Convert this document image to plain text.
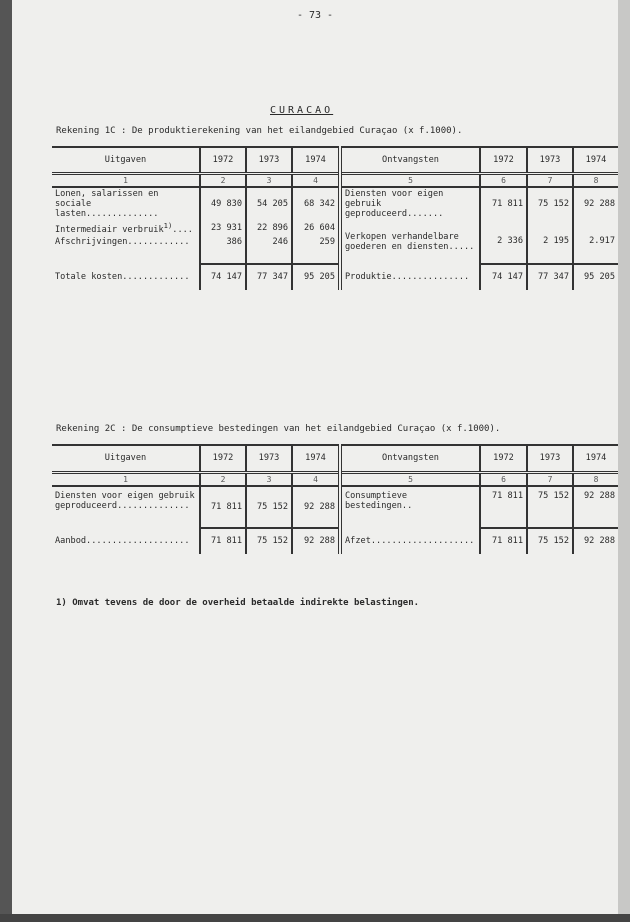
- 73 -
CURACAO
Rekening 1C : De produktierekening van het eilandgebied Curaçao (x f.1000).
Uitgaven	1972	1973	1974	Ontvangsten	1972	1973	1974
1	2	3	4	5	6	7	8
Lonen, salarissen en sociale lasten..............	49 830	54 205	68 342	Diensten voor eigen gebruik geproduceerd.......	71 811	75 152	92 288
Intermediair verbruik$^{1)}$....	23 931	22 896	26 604	Verkopen verhandelbare goederen en diensten.....	2 336	2 195	2.917
Afschrijvingen............	386	246	259				
Totale kosten.............	74 147	77 347	95 205	Produktie...............	74 147	77 347	95 205
Rekening 2C : De consumptieve bestedingen van het eilandgebied Curaçao (x f.1000).
Uitgaven	1972	1973	1974	Ontvangsten	1972	1973	1974
1	2	3	4	5	6	7	8
Diensten voor eigen gebruik geproduceerd..............	71 811	75 152	92 288	Consumptieve bestedingen..	71 811	75 152	92 288
Aanbod....................	71 811	75 152	92 288	Afzet....................	71 811	75 152	92 288
1) Omvat tevens de door de overheid betaalde indirekte belastingen.
